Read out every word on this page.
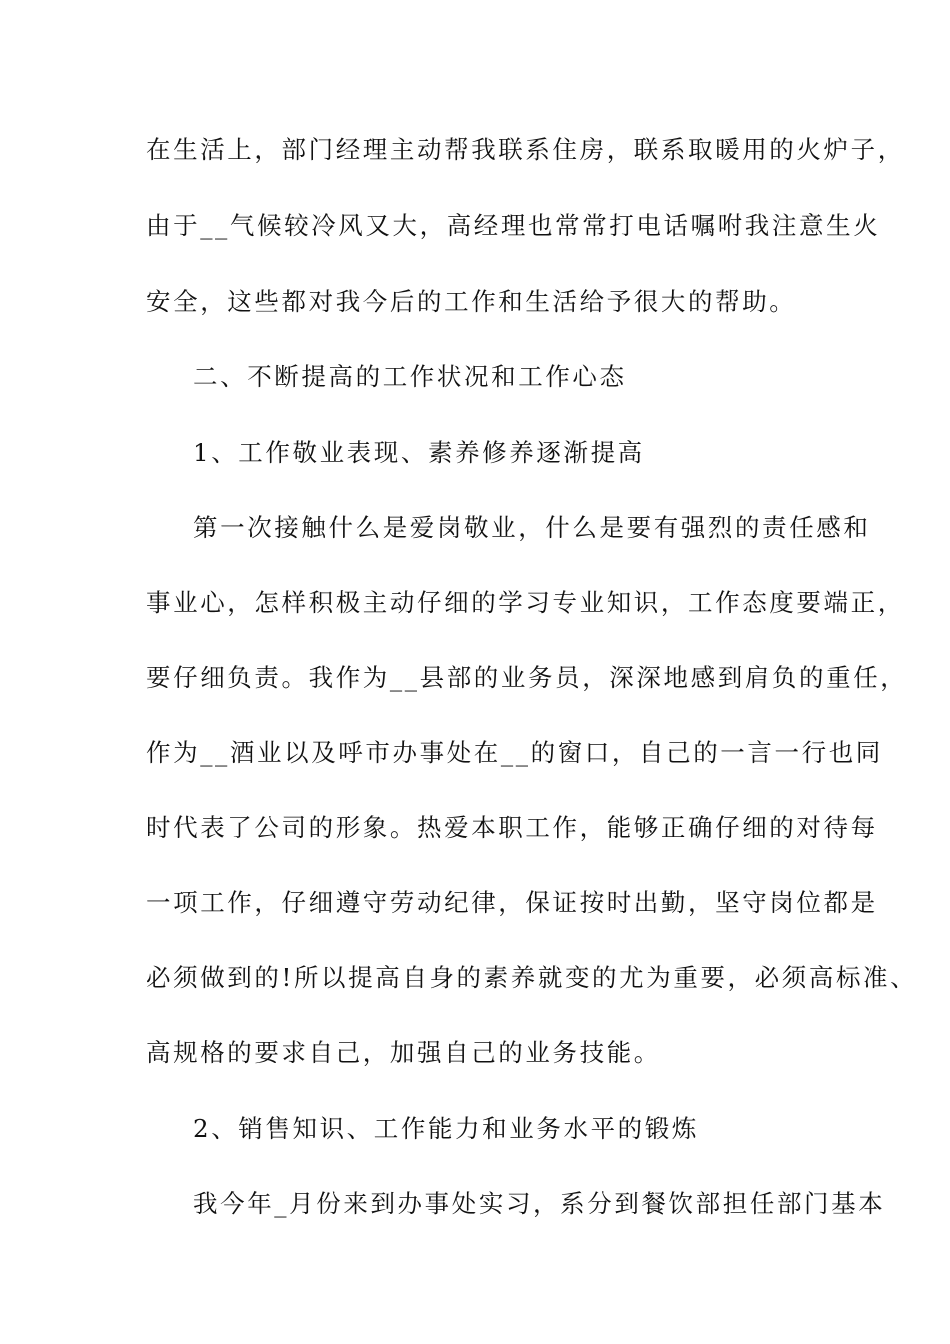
在生活上，部门经理主动帮我联系住房，联系取暖用的火炉子，
由于__气候较冷风又大，高经理也常常打电话嘱咐我注意生火
安全，这些都对我今后的工作和生活给予很大的帮助。
二、不断提高的工作状况和工作心态
1、工作敬业表现、素养修养逐渐提高
第一次接触什么是爱岗敬业，什么是要有强烈的责任感和
事业心，怎样积极主动仔细的学习专业知识，工作态度要端正，
要仔细负责。我作为__县部的业务员，深深地感到肩负的重任，
作为__酒业以及呼市办事处在__的窗口，自己的一言一行也同
时代表了公司的形象。热爱本职工作，能够正确仔细的对待每
一项工作，仔细遵守劳动纪律，保证按时出勤，坚守岗位都是
必须做到的!所以提高自身的素养就变的尤为重要，必须高标准、
高规格的要求自己，加强自己的业务技能。
2、销售知识、工作能力和业务水平的锻炼
我今年_月份来到办事处实习，系分到餐饮部担任部门基本
